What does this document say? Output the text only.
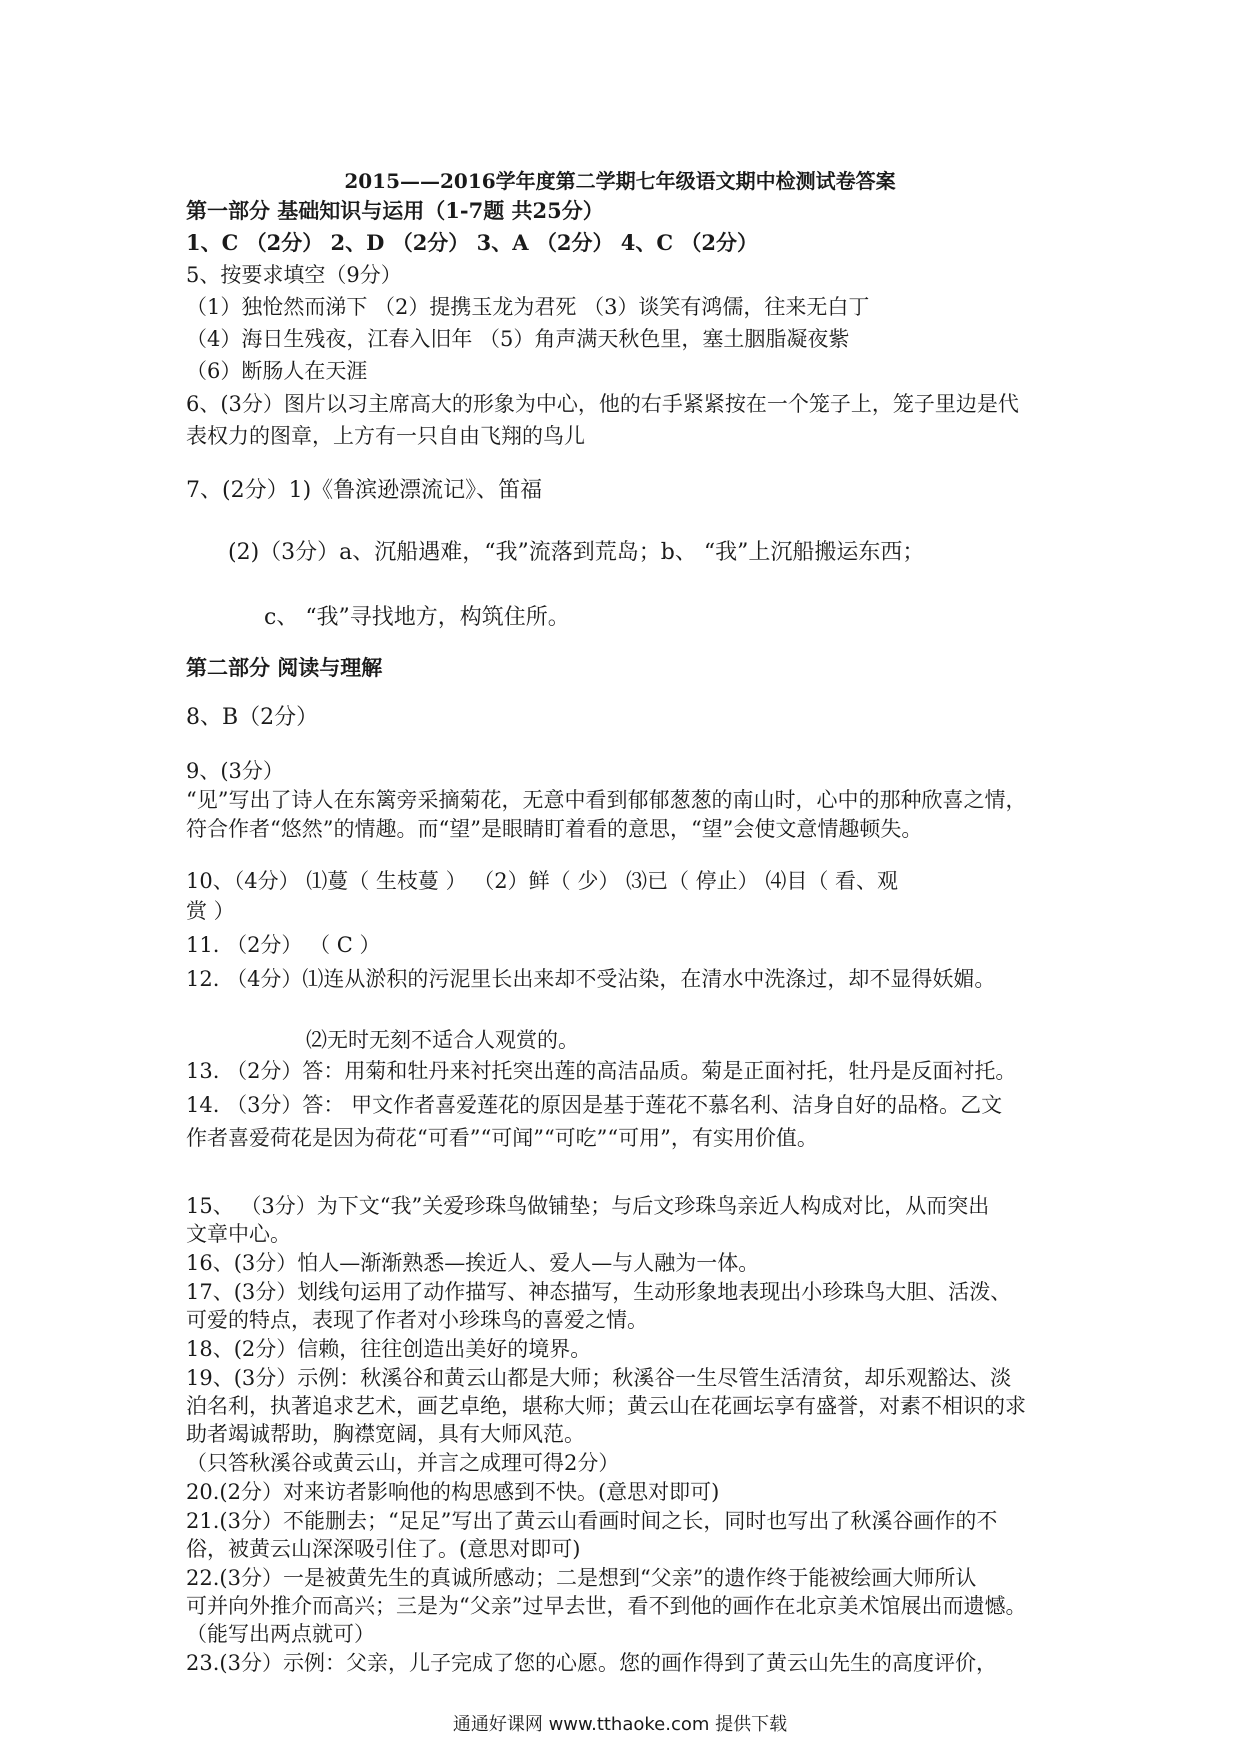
2015——2016学年度第二学期七年级语文期中检测试卷答案
第一部分 基础知识与运用（1-7题 共25分）
1、C （2分） 2、D （2分） 3、A （2分） 4、C （2分）
5、按要求填空（9分）
（1）独怆然而涕下 （2）提携玉龙为君死 （3）谈笑有鸿儒，往来无白丁
（4）海日生残夜，江春入旧年 （5）角声满天秋色里，塞土胭脂凝夜紫
（6）断肠人在天涯
6、(3分）图片以习主席高大的形象为中心，他的右手紧紧按在一个笼子上，笼子里边是代
表权力的图章，上方有一只自由飞翔的鸟儿
7、(2分）1)《鲁滨逊漂流记》、笛福
(2)（3分）a、沉船遇难，“我”流落到荒岛；b、 “我”上沉船搬运东西；
c、 “我”寻找地方，构筑住所。
第二部分 阅读与理解
8、B（2分）
9、(3分）
“见”写出了诗人在东篱旁采摘菊花，无意中看到郁郁葱葱的南山时，心中的那种欣喜之情，
符合作者“悠然”的情趣。而“望”是眼睛盯着看的意思，“望”会使文意情趣顿失。
10、（4分） ⑴蔓（ 生枝蔓 ） （2）鲜（ 少） ⑶已（ 停止） ⑷目（ 看、观
赏 ）
11. （2分） （ C ）
12. （4分）⑴连从淤积的污泥里长出来却不受沾染，在清水中洗涤过，却不显得妖媚。
⑵无时无刻不适合人观赏的。
13. （2分）答：用菊和牡丹来衬托突出莲的高洁品质。菊是正面衬托，牡丹是反面衬托。
14. （3分）答： 甲文作者喜爱莲花的原因是基于莲花不慕名利、洁身自好的品格。乙文
作者喜爱荷花是因为荷花“可看”“可闻”“可吃”“可用”，有实用价值。
15、 （3分）为下文“我”关爱珍珠鸟做铺垫；与后文珍珠鸟亲近人构成对比，从而突出
文章中心。
16、(3分）怕人—渐渐熟悉—挨近人、爱人—与人融为一体。
17、(3分）划线句运用了动作描写、神态描写，生动形象地表现出小珍珠鸟大胆、活泼、
可爱的特点，表现了作者对小珍珠鸟的喜爱之情。
18、(2分）信赖，往往创造出美好的境界。
19、(3分）示例：秋溪谷和黄云山都是大师；秋溪谷一生尽管生活清贫，却乐观豁达、淡
泊名利，执著追求艺术，画艺卓绝，堪称大师；黄云山在花画坛享有盛誉，对素不相识的求
助者竭诚帮助，胸襟宽阔，具有大师风范。
（只答秋溪谷或黄云山，并言之成理可得2分）
20.(2分）对来访者影响他的构思感到不快。(意思对即可)
21.(3分）不能删去；“足足”写出了黄云山看画时间之长，同时也写出了秋溪谷画作的不
俗，被黄云山深深吸引住了。(意思对即可)
22.(3分）一是被黄先生的真诚所感动；二是想到“父亲”的遗作终于能被绘画大师所认
可并向外推介而高兴；三是为“父亲”过早去世，看不到他的画作在北京美术馆展出而遗憾。
（能写出两点就可）
23.(3分）示例：父亲，儿子完成了您的心愿。您的画作得到了黄云山先生的高度评价，
通通好课网 www.tthaoke.com 提供下载
